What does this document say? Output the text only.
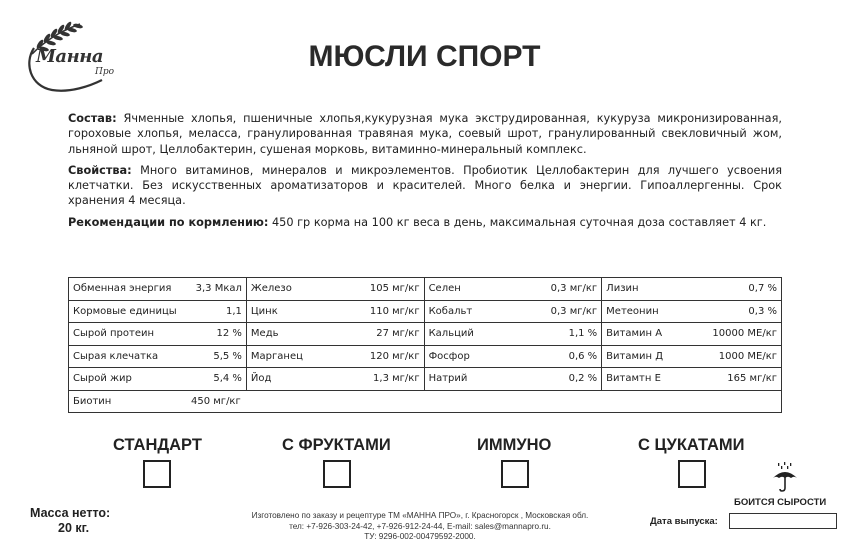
Манна
Про	МЮСЛИ СПОРТ

Состав: Ячменные хлопья, пшеничные хлопья,кукурузная мука экструдированная, кукуруза микронизированная, гороховые хлопья, меласса, гранулированная травяная мука, соевый шрот, гранулированный свекловичный жом, льняной шрот, Целлобактерин, сушеная морковь, витаминно-минеральный комплекс.

Свойства: Много витаминов, минералов и микроэлементов. Пробиотик Целлобактерин для лучшего усвоения клетчатки. Без искусственных ароматизаторов и красителей. Много белка и энергии. Гипоаллергенны. Срок хранения 4 месяца.

Рекомендации по кормлению: 450 гр корма на 100 кг веса в день, максимальная суточная доза составляет 4 кг.

Обменная энергия	3,3 Мкал	Железо	105 мг/кг	Селен	0,3 мг/кг	Лизин	0,7 %
Кормовые единицы	1,1	Цинк	110 мг/кг	Кобальт	0,3 мг/кг	Метеонин	0,3 %
Сырой протеин	12 %	Медь	27 мг/кг	Кальций	1,1 %	Витамин А	10000 МЕ/кг
Сырая клечатка	5,5 %	Марганец	120 мг/кг	Фосфор	0,6 %	Витамин Д	1000 МЕ/кг
Сырой жир	5,4 %	Йод	1,3 мг/кг	Натрий	0,2 %	Витамтн Е	165 мг/кг
Биотин 450 мг/кг							
СТАНДАРТ	С ФРУКТАМИ	ИММУНО	С ЦУКАТАМИ
БОИТСЯ СЫРОСТИ
Масса нетто:
20 кг.
Изготовлено по заказу и рецептуре ТМ «МАННА ПРО», г. Красногорск , Московская обл.
тел: +7-926-303-24-42, +7-926-912-24-44, E-mail: sales@mannapro.ru.
ТУ: 9296-002-00479592-2000.
Дата выпуска:
